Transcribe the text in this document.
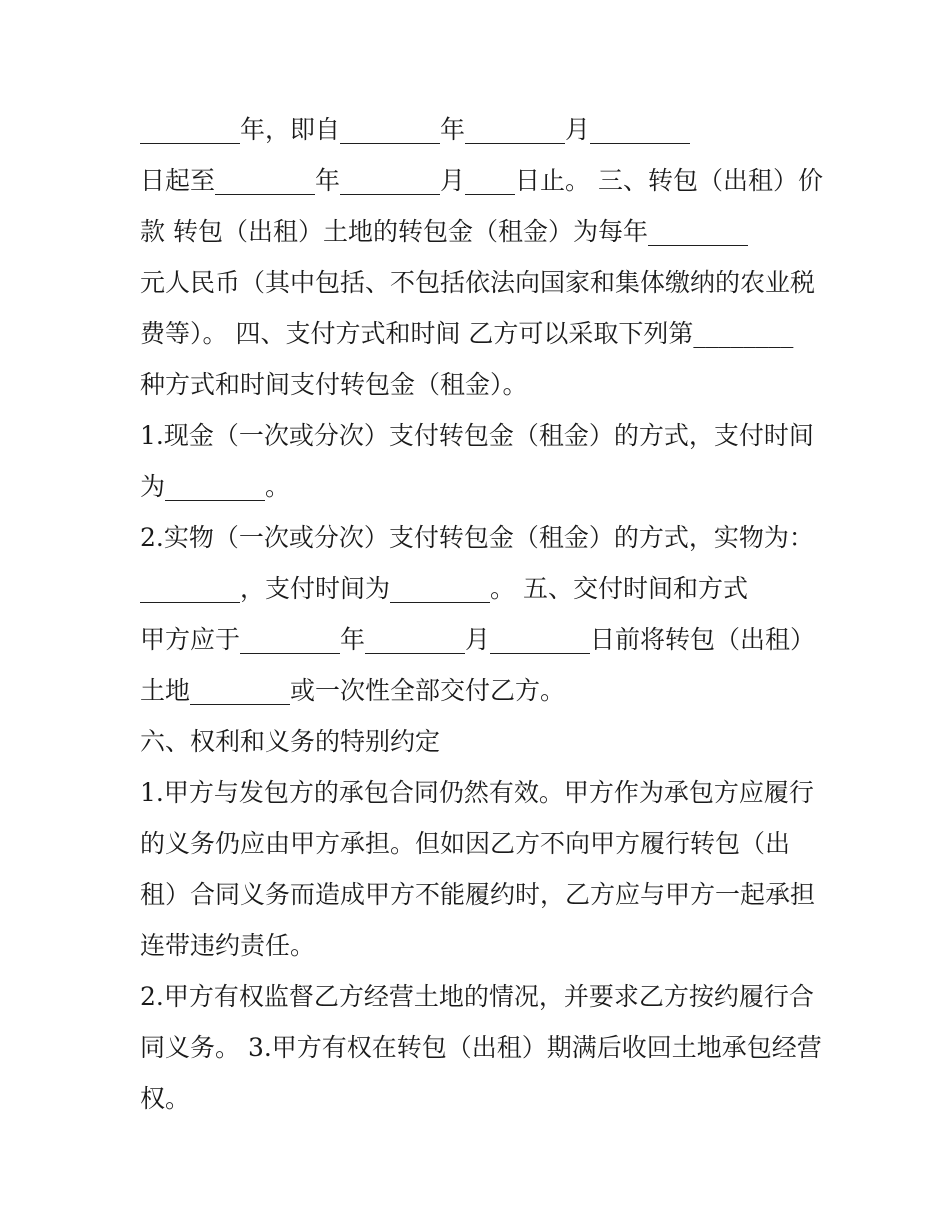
________年，即自________年________月________
日起至________年________月____日止。 三、转包（出租）价
款 转包（出租）土地的转包金（租金）为每年________
元人民币（其中包括、不包括依法向国家和集体缴纳的农业税
费等）。 四、支付方式和时间 乙方可以采取下列第________
种方式和时间支付转包金（租金）。
1.现金（一次或分次）支付转包金（租金）的方式，支付时间
为________。
2.实物（一次或分次）支付转包金（租金）的方式，实物为：
________，支付时间为________。 五、交付时间和方式
甲方应于________年________月________日前将转包（出租）
土地________或一次性全部交付乙方。
六、权利和义务的特别约定
1.甲方与发包方的承包合同仍然有效。甲方作为承包方应履行
的义务仍应由甲方承担。但如因乙方不向甲方履行转包（出
租）合同义务而造成甲方不能履约时，乙方应与甲方一起承担
连带违约责任。
2.甲方有权监督乙方经营土地的情况，并要求乙方按约履行合
同义务。 3.甲方有权在转包（出租）期满后收回土地承包经营
权。
